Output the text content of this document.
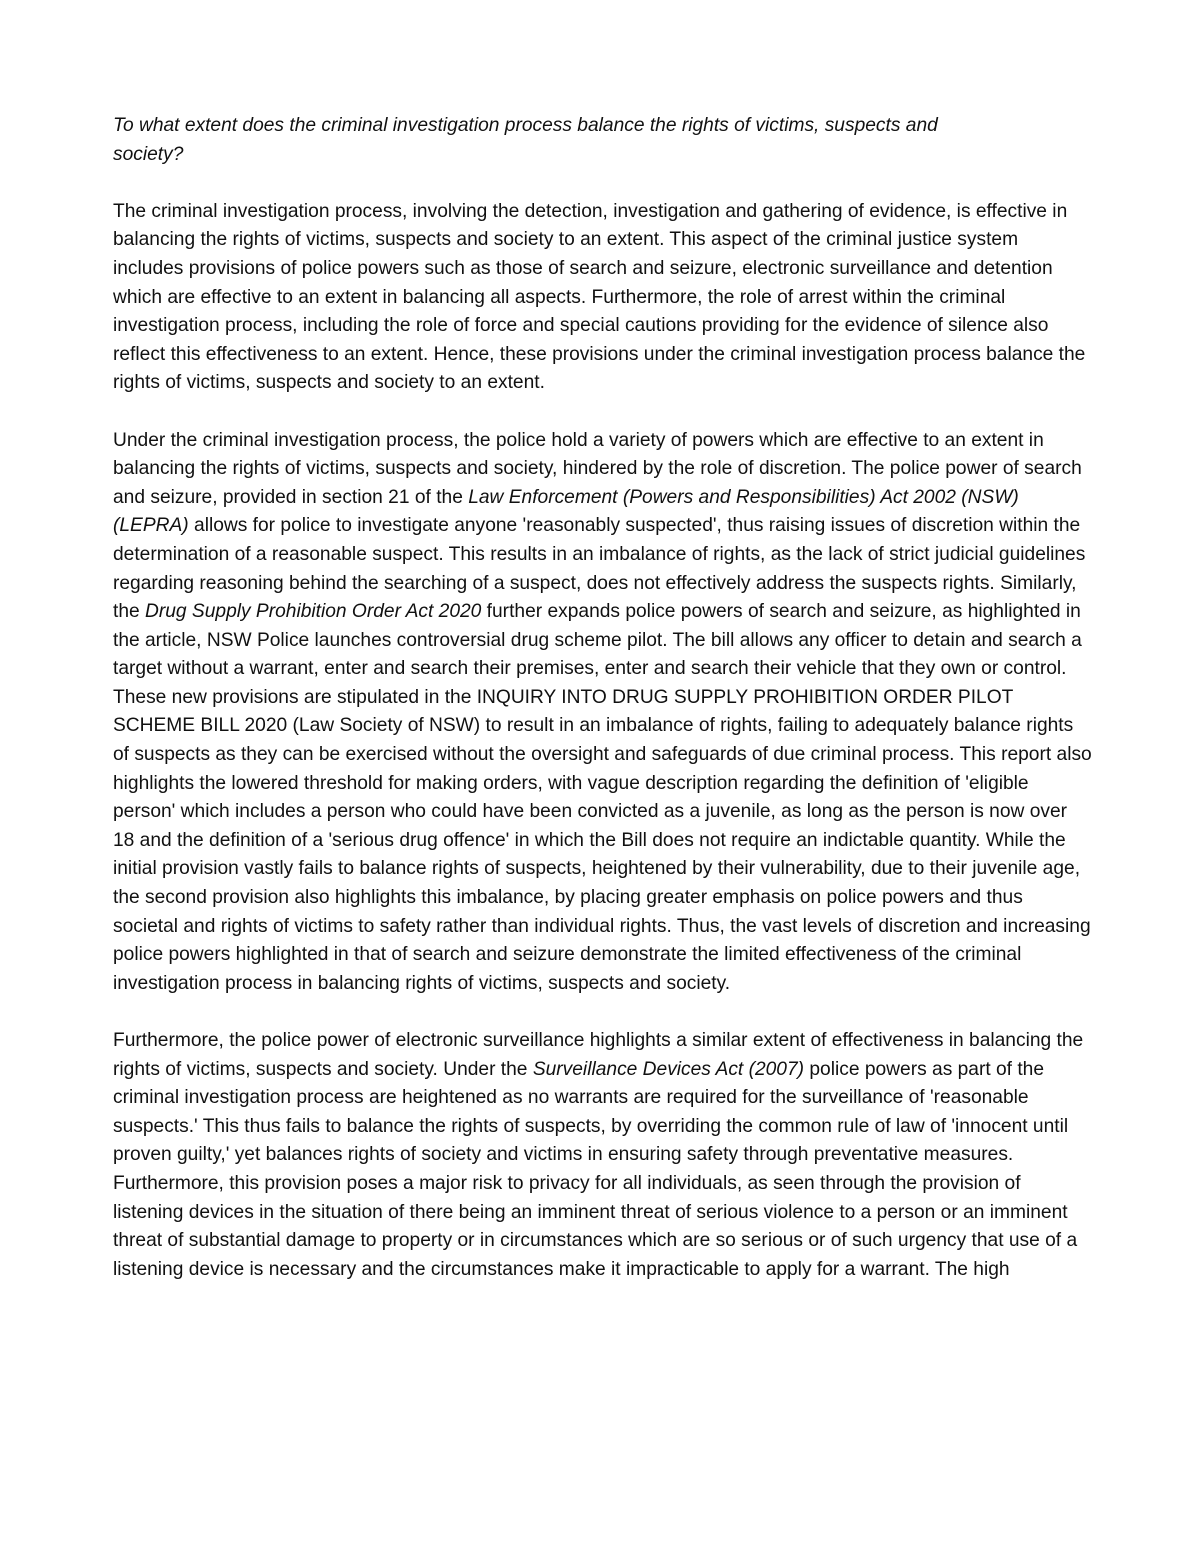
To what extent does the criminal investigation process balance the rights of victims, suspects and society?

The criminal investigation process, involving the detection, investigation and gathering of evidence, is effective in balancing the rights of victims, suspects and society to an extent. This aspect of the criminal justice system includes provisions of police powers such as those of search and seizure, electronic surveillance and detention which are effective to an extent in balancing all aspects. Furthermore, the role of arrest within the criminal investigation process, including the role of force and special cautions providing for the evidence of silence also reflect this effectiveness to an extent. Hence, these provisions under the criminal investigation process balance the rights of victims, suspects and society to an extent.

Under the criminal investigation process, the police hold a variety of powers which are effective to an extent in balancing the rights of victims, suspects and society, hindered by the role of discretion. The police power of search and seizure, provided in section 21 of the Law Enforcement (Powers and Responsibilities) Act 2002 (NSW) (LEPRA) allows for police to investigate anyone 'reasonably suspected', thus raising issues of discretion within the determination of a reasonable suspect. This results in an imbalance of rights, as the lack of strict judicial guidelines regarding reasoning behind the searching of a suspect, does not effectively address the suspects rights. Similarly, the Drug Supply Prohibition Order Act 2020 further expands police powers of search and seizure, as highlighted in the article, NSW Police launches controversial drug scheme pilot. The bill allows any officer to detain and search a target without a warrant, enter and search their premises, enter and search their vehicle that they own or control. These new provisions are stipulated in the INQUIRY INTO DRUG SUPPLY PROHIBITION ORDER PILOT SCHEME BILL 2020 (Law Society of NSW) to result in an imbalance of rights, failing to adequately balance rights of suspects as they can be exercised without the oversight and safeguards of due criminal process. This report also highlights the lowered threshold for making orders, with vague description regarding the definition of 'eligible person' which includes a person who could have been convicted as a juvenile, as long as the person is now over 18 and the definition of a 'serious drug offence' in which the Bill does not require an indictable quantity. While the initial provision vastly fails to balance rights of suspects, heightened by their vulnerability, due to their juvenile age, the second provision also highlights this imbalance, by placing greater emphasis on police powers and thus societal and rights of victims to safety rather than individual rights. Thus, the vast levels of discretion and increasing police powers highlighted in that of search and seizure demonstrate the limited effectiveness of the criminal investigation process in balancing rights of victims, suspects and society.

Furthermore, the police power of electronic surveillance highlights a similar extent of effectiveness in balancing the rights of victims, suspects and society. Under the Surveillance Devices Act (2007) police powers as part of the criminal investigation process are heightened as no warrants are required for the surveillance of 'reasonable suspects.' This thus fails to balance the rights of suspects, by overriding the common rule of law of 'innocent until proven guilty,' yet balances rights of society and victims in ensuring safety through preventative measures. Furthermore, this provision poses a major risk to privacy for all individuals, as seen through the provision of listening devices in the situation of there being an imminent threat of serious violence to a person or an imminent threat of substantial damage to property or in circumstances which are so serious or of such urgency that use of a listening device is necessary and the circumstances make it impracticable to apply for a warrant. The high
